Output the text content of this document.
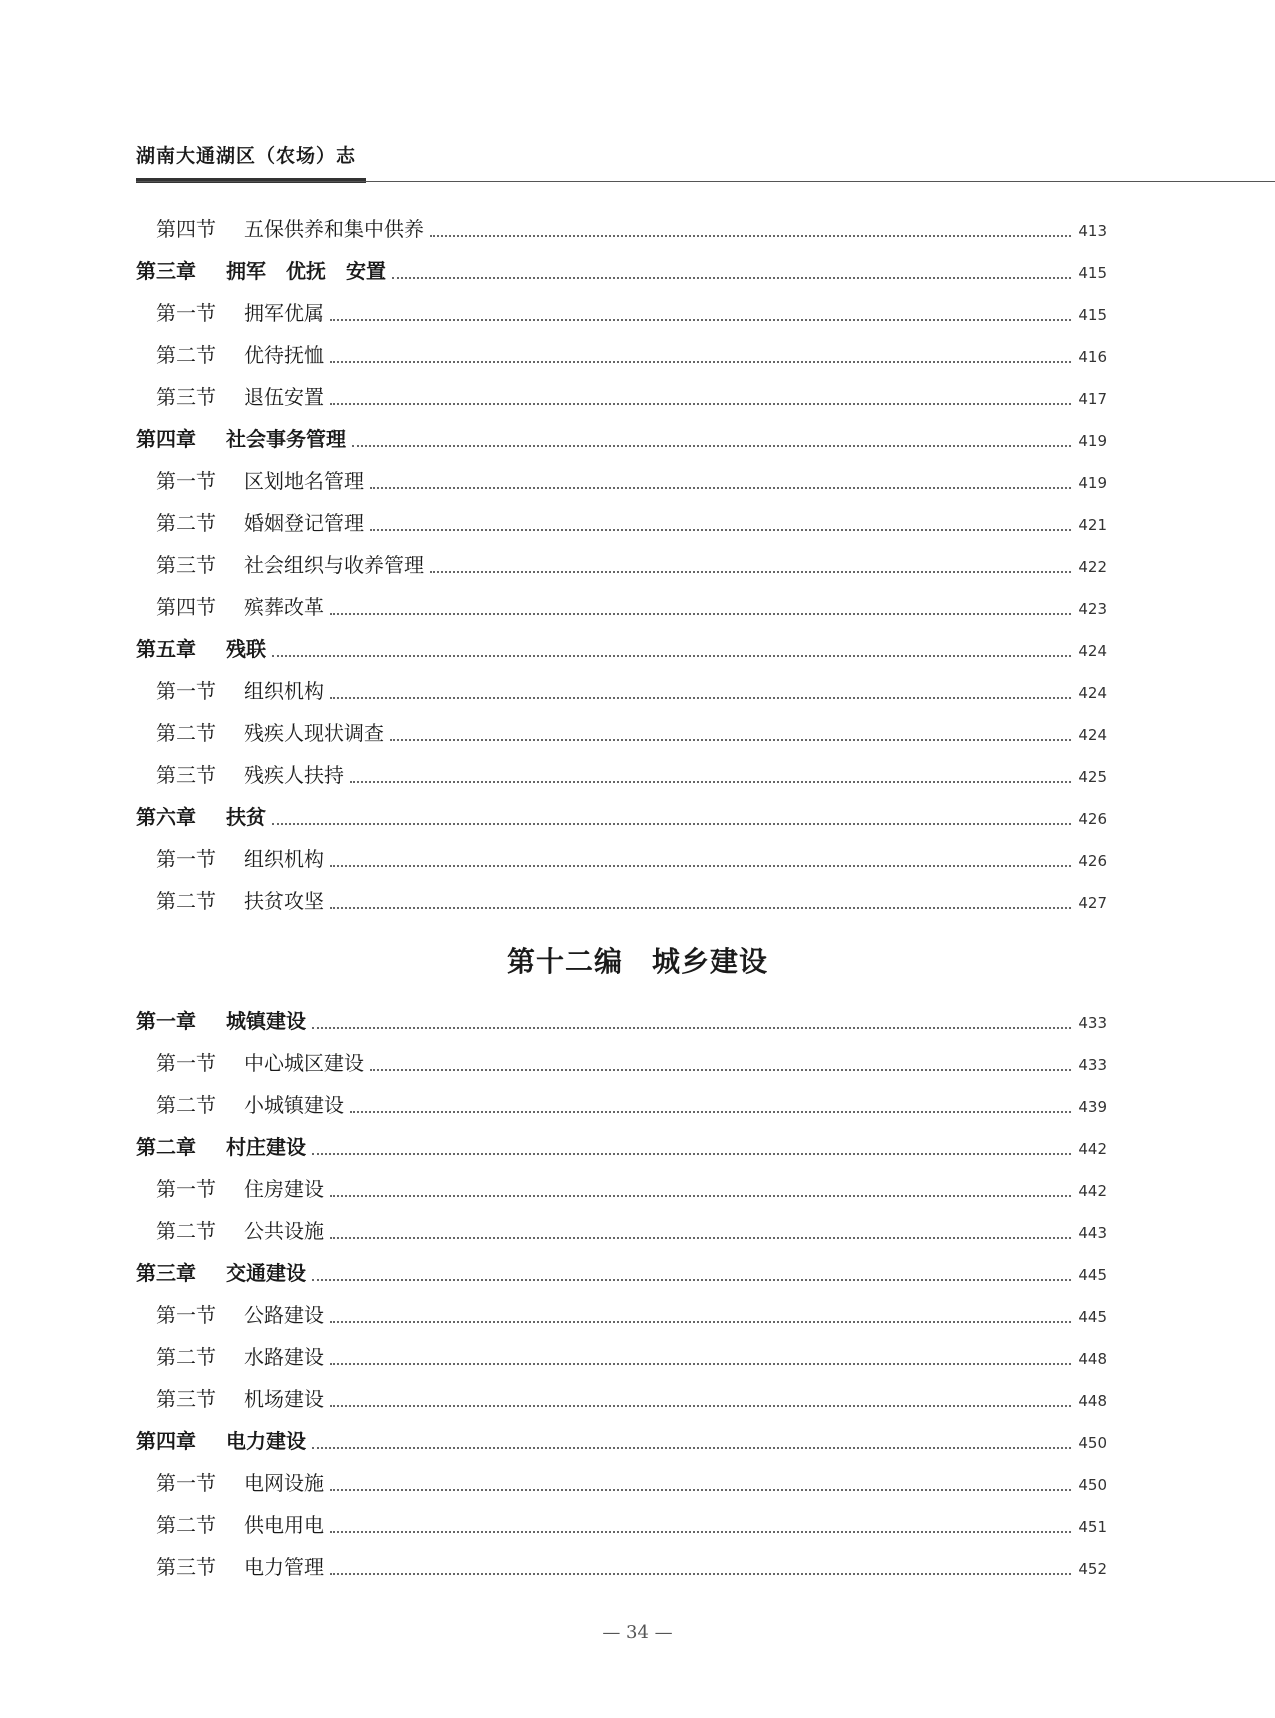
湖南大通湖区（农场）志
第四节	五保供养和集中供养	413
第三章	拥军　优抚　安置	415
第一节	拥军优属	415
第二节	优待抚恤	416
第三节	退伍安置	417
第四章	社会事务管理	419
第一节	区划地名管理	419
第二节	婚姻登记管理	421
第三节	社会组织与收养管理	422
第四节	殡葬改革	423
第五章	残联	424
第一节	组织机构	424
第二节	残疾人现状调查	424
第三节	残疾人扶持	425
第六章	扶贫	426
第一节	组织机构	426
第二节	扶贫攻坚	427
第十二编　城乡建设
第一章	城镇建设	433
第一节	中心城区建设	433
第二节	小城镇建设	439
第二章	村庄建设	442
第一节	住房建设	442
第二节	公共设施	443
第三章	交通建设	445
第一节	公路建设	445
第二节	水路建设	448
第三节	机场建设	448
第四章	电力建设	450
第一节	电网设施	450
第二节	供电用电	451
第三节	电力管理	452
— 34 —
